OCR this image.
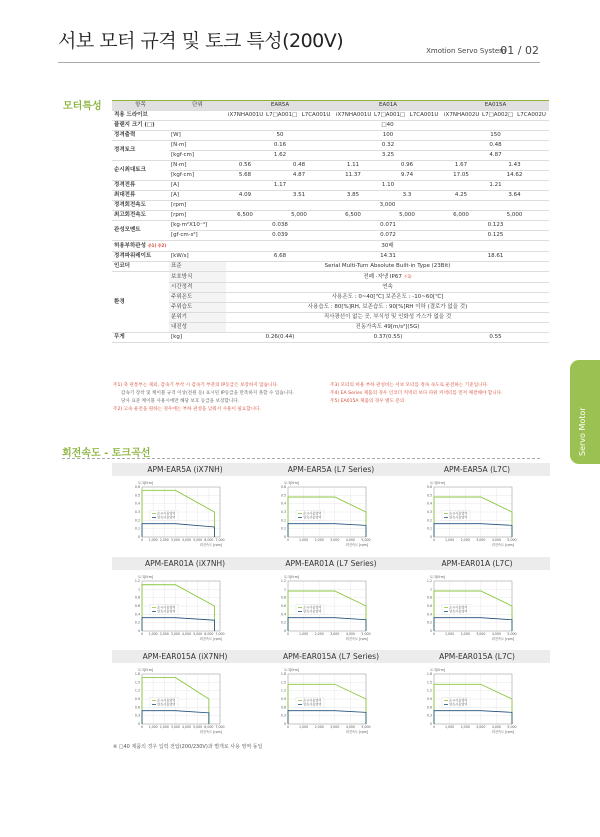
서보 모터 규격 및 토크 특성(200V)	Xmotion Servo System
01 / 02
모터특성	항목	단위	EAR5A			EA01A			EA015A		
적용 드라이브		iX7NHA001U	L7□A001□	L7CA001U	iX7NHA001U	L7□A001□	L7CA001U	iX7NHA002U	L7□A002□	L7CA002U
플랜지 크기 (□)		□40								
정격출력	[W]	50			100			150		
정격토크	[N·m]	0.16			0.32			0.48		
	[kgf·cm]	1.62			3.25			4.87		
순시최대토크	[N·m]	0.56	0.48		1.11	0.96		1.67	1.43	
	[kgf·cm]	5.68	4.87		11.37	9.74		17.05	14.62	
정격전류	[A]	1.17			1.10			1.21		
최대전류	[A]	4.09	3.51		3.85	3.3		4.25	3.64	
정격회전속도	[rpm]	3,000								
최고회전속도	[rpm]	6,500	5,000		6,500	5,000		6,000	5,000	
관성모멘트	[kg·m²X10⁻⁴]	0.038			0.071			0.123		
	[gf·cm·s²]	0.039			0.072			0.125		
허용부하관성 주1) 주2)		30배								
정격파워레이트	[kW/s]	6.68			14.31			18.61		
인코더	표준	Serial Multi-Turn Absolute Built-in Type (23Bit)								
환경	보호방식	전폐 ·자냉 IP67 주3)								
	시간정격	연속								
	주위온도	사용온도 : 0~40[℃] 보존온도 : -10~60[℃]								
	주위습도	사용습도 : 80[%]RH, 보존습도 : 90[%]RH 이하 (결로가 없을 것)								
	분위기	직사광선이 없는 곳, 부식성 및 인화성 가스가 없을 것								
	내진성	진동가속도 49[m/s²](5G)								
무게	[kg]	0.26(0.44)			0.37(0.55)			0.55		
주1) 축 관통부는 제외, 감속기 부착 시 감속기 부분의 IP등급은 보장하지 않습니다.
감속기 장착 및 케이블 규격 이상(전원 등) 표시된 IP등급을 만족하지 못할 수 있습니다.
당사 표준 케이블 사용시에만 해당 보호 등급을 보장합니다.
주2) 고속 운전을 원하는 경우에는 부하 관성을 낮춰서 사용이 필요합니다.
주3) 모터의 허용 부하 관성비는 서보 모터를 정속 속도로 운전하는 기준입니다.
주4) EA Series 제품의 경우 인코더 커넥터 보다 파워 커넥터를 먼저 체결해야 합니다.
주5) EA015A 제품의 경우 별도 문의
Servo Motor
회전속도 - 토크곡선
APM-EAR5A (iX7NH)
0
0.1
0.2
0.3
0.4
0.5
0.6
0 1,000 2,000 3,000 4,000 5,000 6,000 7,000
토크[N·m]
회전속도 [rpm]
순시사용영역
연속사용영역
APM-EAR5A (L7 Series)
0
0.1
0.2
0.3
0.4
0.5
0.6
0	1,000 2,000 3,000 4,000 5,000
토크[N·m]
회전속도 [rpm]
순시사용영역
연속사용영역
APM-EAR5A (L7C)
0
0.1
0.2
0.3
0.4
0.5
0.6
0	1,000 2,000 3,000 4,000 5,000
토크[N·m]
회전속도 [rpm]
순시사용영역
연속사용영역
APM-EAR01A (iX7NH)
0
0.2
0.4
0.6
0.8
1
1.2
0 1,000 2,000 3,000 4,000 5,000 6,000 7,000
토크[N·m]
회전속도 [rpm]
순시사용영역
연속사용영역
APM-EAR01A (L7 Series)
0
0.2
0.4
0.6
0.8
1
1.2
0	1,000 2,000 3,000 4,000 5,000
토크[N·m]
회전속도 [rpm]
순시사용영역
연속사용영역
APM-EAR01A (L7C)
0
0.2
0.4
0.6
0.8
1
1.2
0	1,000 2,000 3,000 4,000 5,000
토크[N·m]
회전속도 [rpm]
순시사용영역
연속사용영역
APM-EAR015A (iX7NH)
0
0.3
0.6
0.9
1.2
1.5
1.8
0 1,000 2,000 3,000 4,000 5,000 6,000 7,000
토크[N·m]
회전속도 [rpm]
순시사용영역
연속사용영역
APM-EAR015A (L7 Series)
0
0.3
0.6
0.9
1.2
1.5
1.8
0	1,000 2,000 3,000 4,000 5,000
토크[N·m]
회전속도 [rpm]
순시사용영역
연속사용영역
APM-EAR015A (L7C)
0
0.3
0.6
0.9
1.2
1.5
1.8
0	1,000 2,000 3,000 4,000 5,000
토크[N·m]
회전속도 [rpm]
순시사용영역
연속사용영역
※ □40 제품의 경우 입력 전압(200/230V)과 별개로 사용 영역 동일
